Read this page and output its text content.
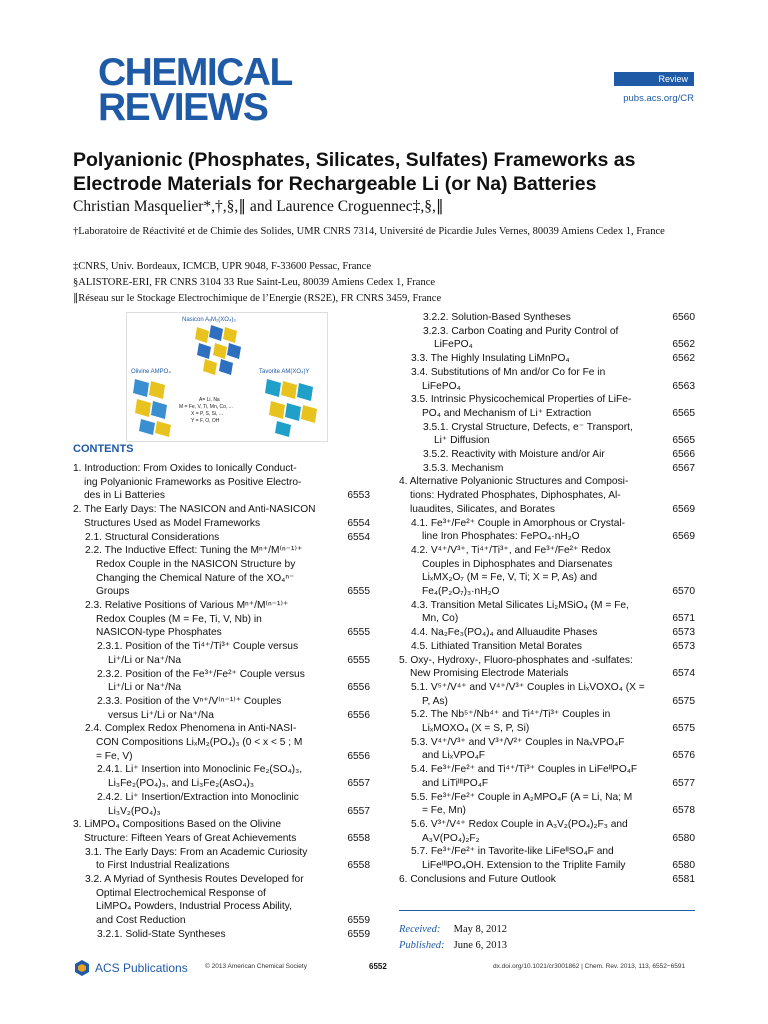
CHEMICAL
REVIEWS
Review
pubs.acs.org/CR
Polyanionic (Phosphates, Silicates, Sulfates) Frameworks as Electrode Materials for Rechargeable Li (or Na) Batteries
Christian Masquelier*,†,§,∥ and Laurence Croguennec‡,§,∥
†Laboratoire de Réactivité et de Chimie des Solides, UMR CNRS 7314, Université de Picardie Jules Vernes, 80039 Amiens Cedex 1, France
‡CNRS, Univ. Bordeaux, ICMCB, UPR 9048, F-33600 Pessac, France
§ALISTORE-ERI, FR CNRS 3104 33 Rue Saint-Leu, 80039 Amiens Cedex 1, France
∥Réseau sur le Stockage Electrochimique de l’Energie (RS2E), FR CNRS 3459, France
Nasicon AₓM₂(XO₄)₃
Olivine AMPO₄	Tavorite AM(XO₄)Y
A= Li, Na
M = Fe, V, Ti, Mn, Co, ...
X = P, S, Si, ...
Y = F, O, OH
CONTENTS
1. Introduction: From Oxides to Ionically Conduct-
ing Polyanionic Frameworks as Positive Electro-
des in Li Batteries	6553
2. The Early Days: The NASICON and Anti-NASICON
Structures Used as Model Frameworks	6554
2.1. Structural Considerations	6554
2.2. The Inductive Effect: Tuning the Mⁿ⁺/M⁽ⁿ⁻¹⁾⁺
Redox Couple in the NASICON Structure by
Changing the Chemical Nature of the XO₄ⁿ⁻
Groups	6555
2.3. Relative Positions of Various Mⁿ⁺/M⁽ⁿ⁻¹⁾⁺
Redox Couples (M = Fe, Ti, V, Nb) in
NASICON-type Phosphates	6555
2.3.1. Position of the Ti⁴⁺/Ti³⁺ Couple versus
Li⁺/Li or Na⁺/Na	6555
2.3.2. Position of the Fe³⁺/Fe²⁺ Couple versus
Li⁺/Li or Na⁺/Na	6556
2.3.3. Position of the Vⁿ⁺/V⁽ⁿ⁻¹⁾⁺ Couples
versus Li⁺/Li or Na⁺/Na	6556
2.4. Complex Redox Phenomena in Anti-NASI-
CON Compositions LiₓM₂(PO₄)₃ (0 < x < 5 ; M
= Fe, V)	6556
2.4.1. Li⁺ Insertion into Monoclinic Fe₂(SO₄)₃,
Li₃Fe₂(PO₄)₃, and Li₃Fe₂(AsO₄)₃	6557
2.4.2. Li⁺ Insertion/Extraction into Monoclinic
Li₃V₂(PO₄)₃	6557
3. LiMPO₄ Compositions Based on the Olivine
Structure: Fifteen Years of Great Achievements	6558
3.1. The Early Days: From an Academic Curiosity
to First Industrial Realizations	6558
3.2. A Myriad of Synthesis Routes Developed for
Optimal Electrochemical Response of
LiMPO₄ Powders, Industrial Process Ability,
and Cost Reduction	6559
3.2.1. Solid-State Syntheses	6559
3.2.2. Solution-Based Syntheses	6560
3.2.3. Carbon Coating and Purity Control of
LiFePO₄	6562
3.3. The Highly Insulating LiMnPO₄	6562
3.4. Substitutions of Mn and/or Co for Fe in
LiFePO₄	6563
3.5. Intrinsic Physicochemical Properties of LiFe-
PO₄ and Mechanism of Li⁺ Extraction	6565
3.5.1. Crystal Structure, Defects, e⁻ Transport,
Li⁺ Diffusion	6565
3.5.2. Reactivity with Moisture and/or Air	6566
3.5.3. Mechanism	6567
4. Alternative Polyanionic Structures and Composi-
tions: Hydrated Phosphates, Diphosphates, Al-
luaudites, Silicates, and Borates	6569
4.1. Fe³⁺/Fe²⁺ Couple in Amorphous or Crystal-
line Iron Phosphates: FePO₄·nH₂O	6569
4.2. V⁴⁺/V³⁺, Ti⁴⁺/Ti³⁺, and Fe³⁺/Fe²⁺ Redox
Couples in Diphosphates and Diarsenates
LiₓMX₂O₇ (M = Fe, V, Ti; X = P, As) and
Fe₄(P₂O₇)₃·nH₂O	6570
4.3. Transition Metal Silicates Li₂MSiO₄ (M = Fe,
Mn, Co)	6571
4.4. Na₂Fe₃(PO₄)₄ and Alluaudite Phases	6573
4.5. Lithiated Transition Metal Borates	6573
5. Oxy-, Hydroxy-, Fluoro-phosphates and -sulfates:
New Promising Electrode Materials	6574
5.1. V⁵⁺/V⁴⁺ and V⁴⁺/V³⁺ Couples in LiₓVOXO₄ (X =
P, As)	6575
5.2. The Nb⁵⁺/Nb⁴⁺ and Ti⁴⁺/Ti³⁺ Couples in
LiₓMOXO₄ (X = S, P, Si)	6575
5.3. V⁴⁺/V³⁺ and V³⁺/V²⁺ Couples in NaₓVPO₄F
and LiₓVPO₄F	6576
5.4. Fe³⁺/Fe²⁺ and Ti⁴⁺/Ti³⁺ Couples in LiFeᴵᴵPO₄F
and LiTiᴵᴵᴵPO₄F	6577
5.5. Fe³⁺/Fe²⁺ Couple in A₂MPO₄F (A = Li, Na; M
= Fe, Mn)	6578
5.6. V³⁺/V⁴⁺ Redox Couple in A₃V₂(PO₄)₂F₃ and
A₃V(PO₄)₂F₂	6580
5.7. Fe³⁺/Fe²⁺ in Tavorite-like LiFeᴵᴵSO₄F and
LiFeᴵᴵᴵPO₄OH. Extension to the Triplite Family	6580
6. Conclusions and Future Outlook	6581
Received: May 8, 2012
Published: June 6, 2013
ACS Publications	© 2013 American Chemical Society	6552	dx.doi.org/10.1021/cr3001862 | Chem. Rev. 2013, 113, 6552−6591
